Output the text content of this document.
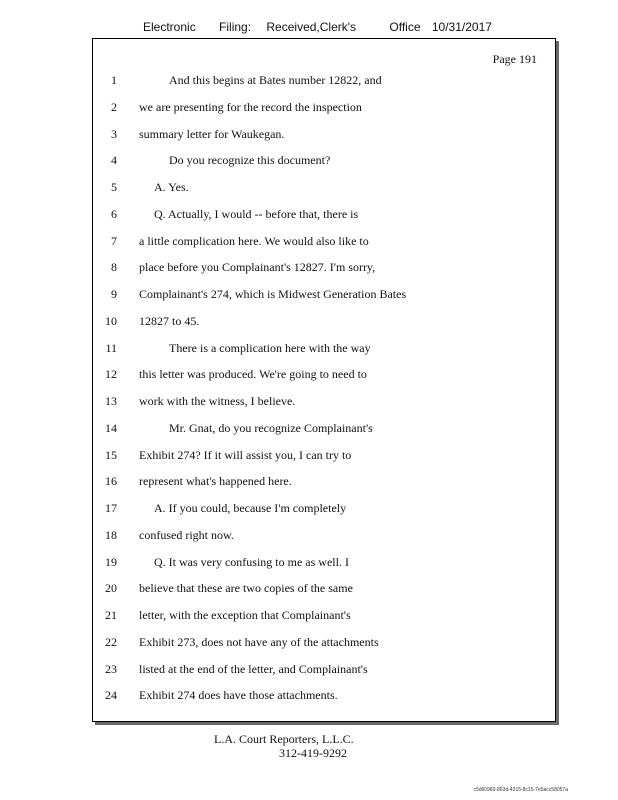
Electronic Filing: Received,Clerk's	Office 10/31/2017
Page 191
1	And this begins at Bates number 12822, and
2 we are presenting for the record the inspection
3 summary letter for Waukegan.
4	Do you recognize this document?
5	A. Yes.
6	Q. Actually, I would -- before that, there is
7 a little complication here. We would also like to
8 place before you Complainant's 12827. I'm sorry,
9 Complainant's 274, which is Midwest Generation Bates
10 12827 to 45.
11	There is a complication here with the way
12 this letter was produced. We're going to need to
13 work with the witness, I believe.
14	Mr. Gnat, do you recognize Complainant's
15 Exhibit 274? If it will assist you, I can try to
16 represent what's happened here.
17	A. If you could, because I'm completely
18 confused right now.
19	Q. It was very confusing to me as well. I
20 believe that these are two copies of the same
21 letter, with the exception that Complainant's
22 Exhibit 273, does not have any of the attachments
23 listed at the end of the letter, and Complainant's
24 Exhibit 274 does have those attachments.
L.A. Court Reporters, L.L.C.
312-419-9292
c5d60983-863d-4315-8c15-7e5acc58057a
